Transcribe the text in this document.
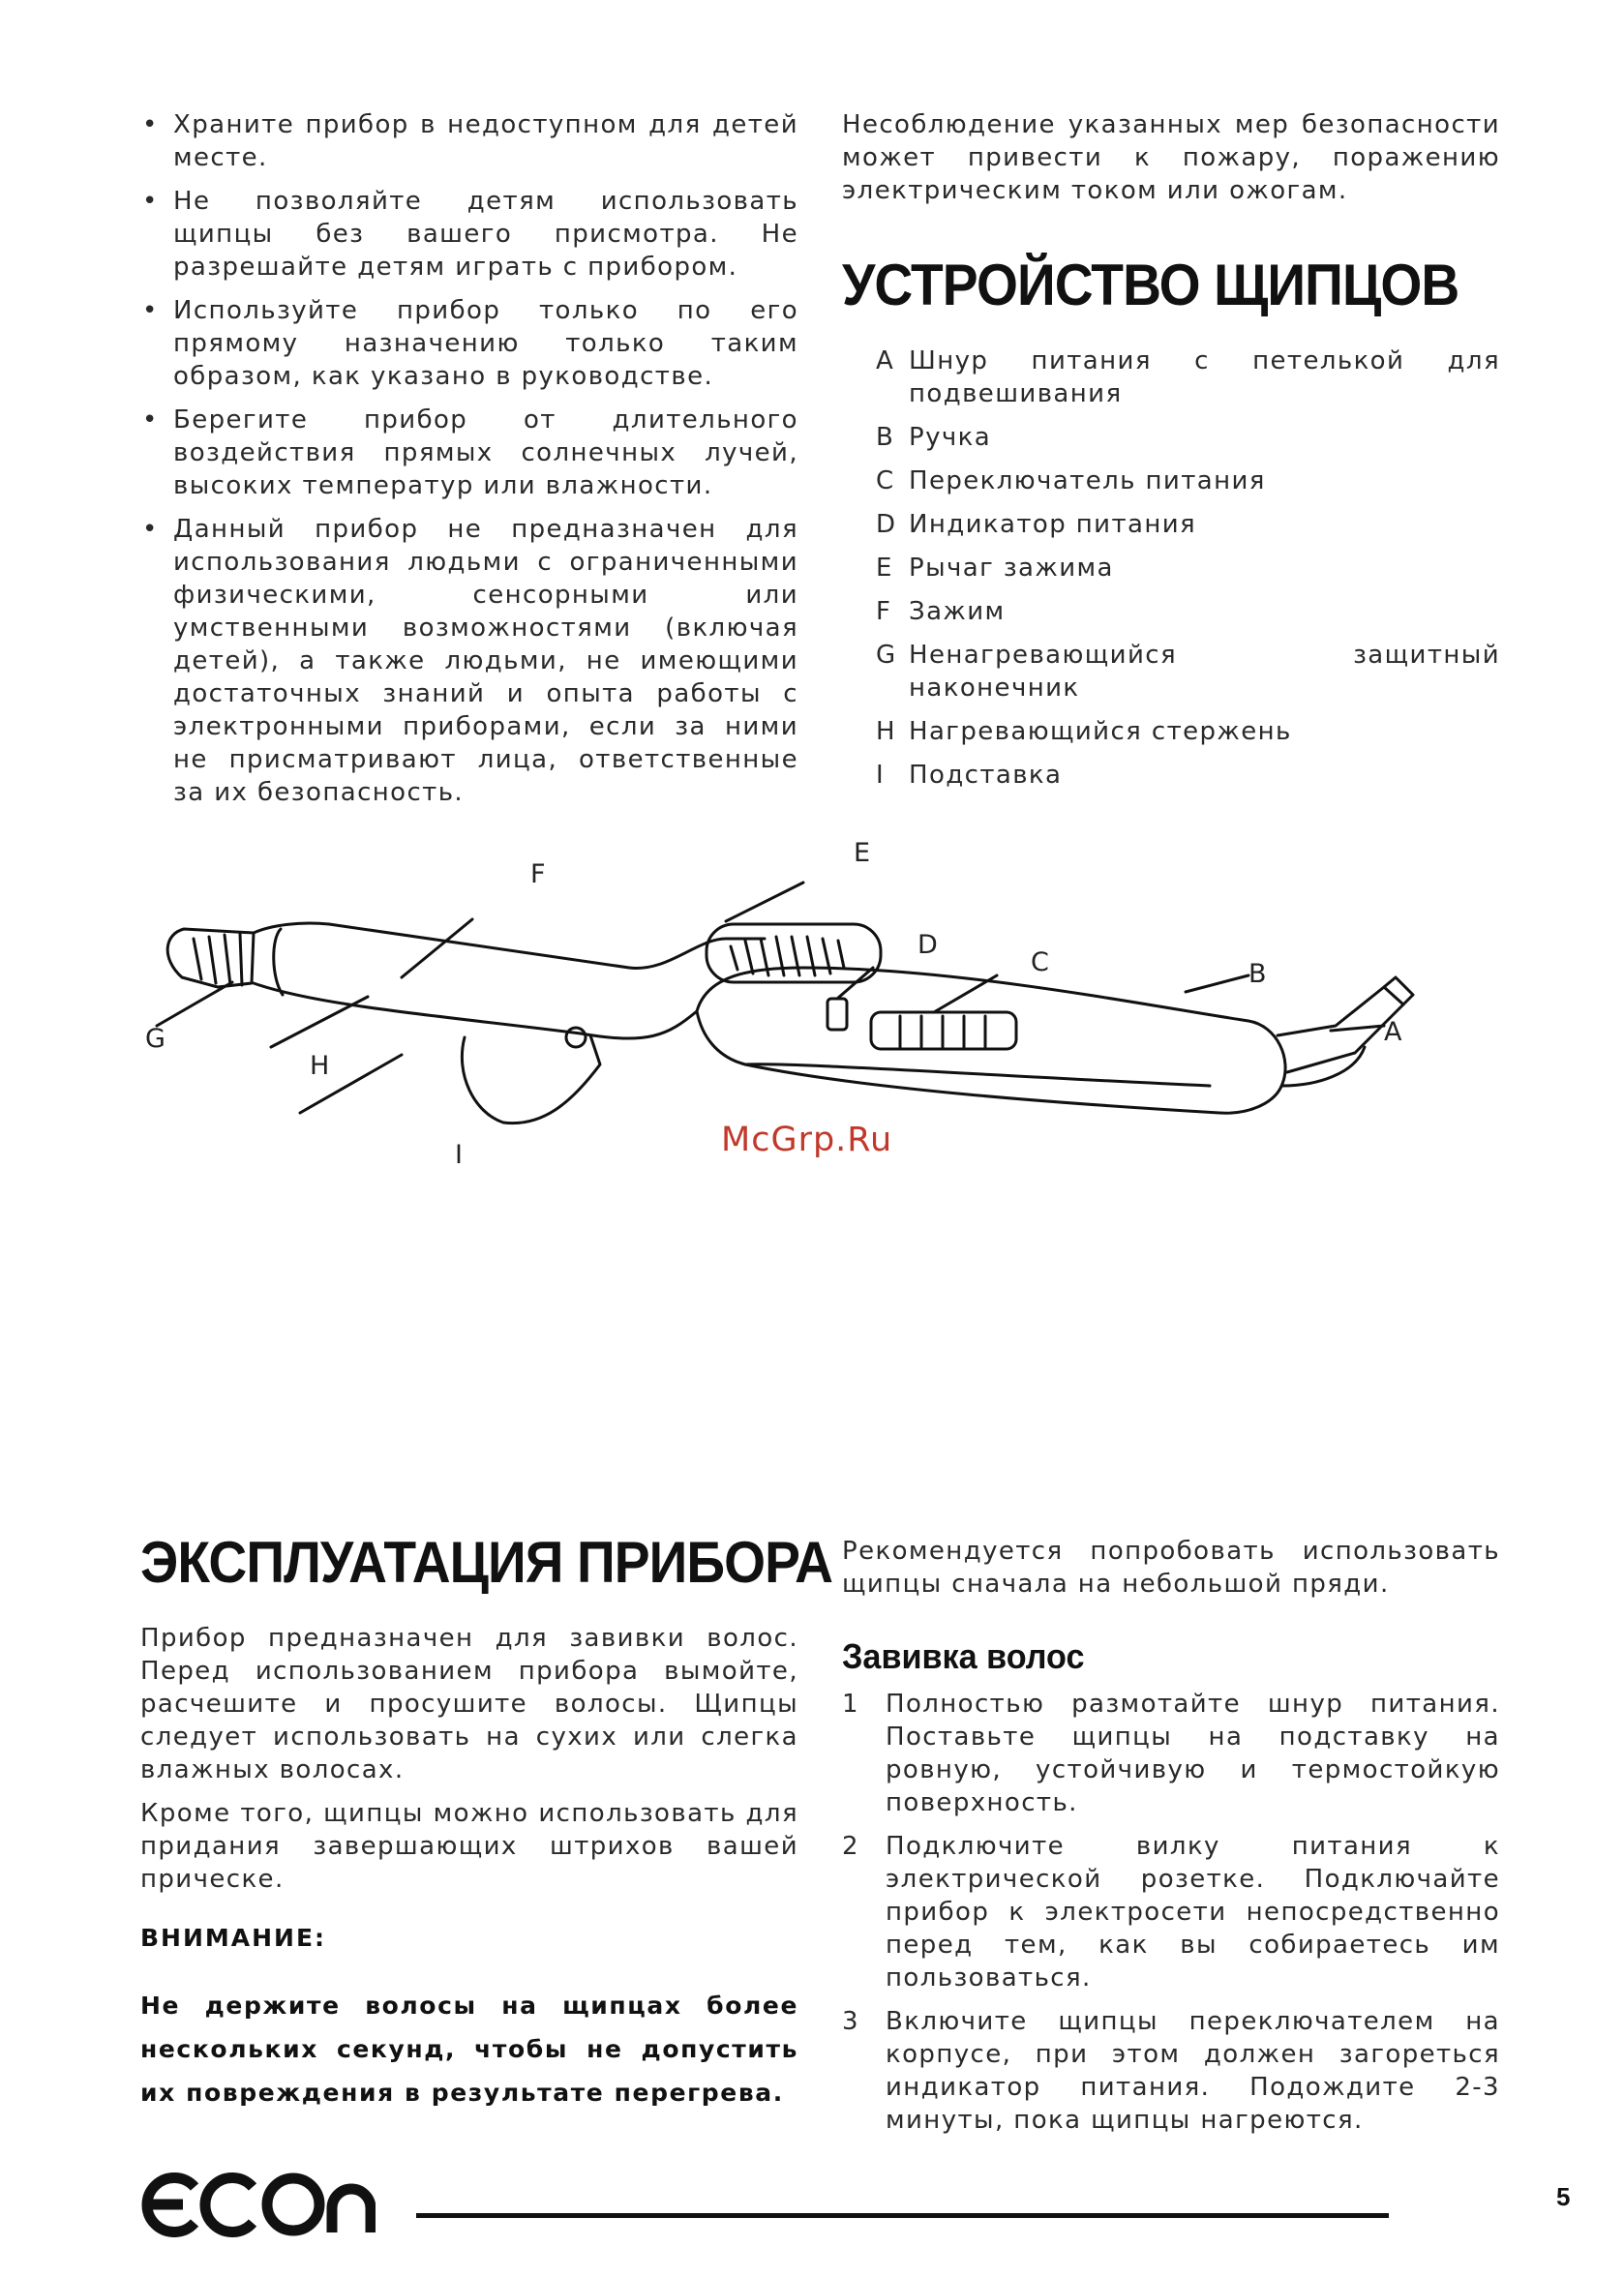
• Храните прибор в недоступном для детей месте.
• Не позволяйте детям использовать щипцы без вашего присмотра. Не разрешайте детям играть с прибором.
• Используйте прибор только по его прямому назначению только таким образом, как указано в руководстве.
• Берегите прибор от длительного воздействия прямых солнечных лучей, высоких температур или влажности.
• Данный прибор не предназначен для использования людьми с ограниченными физическими, сенсорными или умственными возможностями (включая детей), а также людьми, не имеющими достаточных знаний и опыта работы с электронными приборами, если за ними не присматривают лица, ответственные за их безопасность.
Несоблюдение указанных мер безопасности может привести к пожару, поражению электрическим током или ожогам.
УСТРОЙСТВО ЩИПЦОВ
A Шнур питания с петелькой для подвешивания
B Ручка
C Переключатель питания
D Индикатор питания
E Рычаг зажима
F Зажим
G Ненагревающийся защитный наконечник
H Нагревающийся стержень
I Подставка
F
E
D
C	B
A
G
H
I	McGrp.Ru
ЭКСПЛУАТАЦИЯ ПРИБОРА

Прибор предназначен для завивки волос. Перед использованием прибора вымойте, расчешите и просушите волосы. Щипцы следует использовать на сухих или слегка влажных волосах.

Кроме того, щипцы можно использовать для придания завершающих штрихов вашей прическе.

ВНИМАНИЕ:
Не держите волосы на щипцах более нескольких секунд, чтобы не допустить их повреждения в результате перегрева.
Рекомендуется попробовать использовать щипцы сначала на небольшой пряди.
Завивка волос
1	Полностью размотайте шнур питания. Поставьте щипцы на подставку на ровную, устойчивую и термостойкую поверхность.
2	Подключите вилку питания к электрической розетке. Подключайте прибор к электросети непосредственно перед тем, как вы собираетесь им пользоваться.
3	Включите щипцы переключателем на корпусе, при этом должен загореться индикатор питания. Подождите 2-3 минуты, пока щипцы нагреются.
5
